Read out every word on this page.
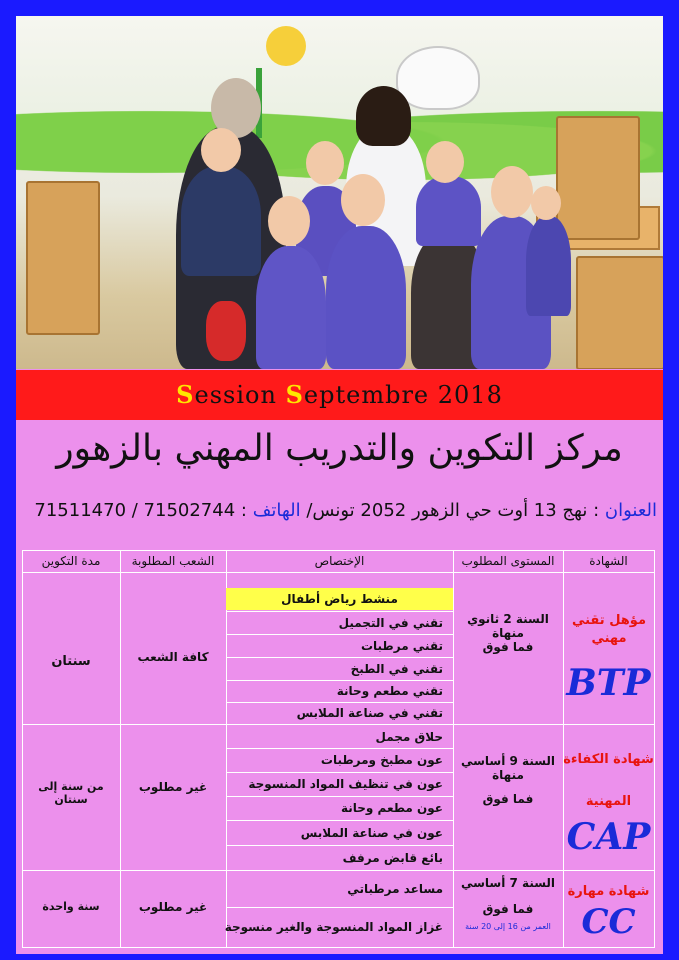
Session Septembre 2018
مركز التكوين والتدريب المهني بالزهور
العنوان : نهج 13 أوت حي الزهور 2052 تونس/ الهاتف : 71502744 / 71511470
الشهادة
المستوى المطلوب
الإختصاص
الشعب المطلوبة
مدة التكوين
مؤهل تقني مهني
BTP
السنة 2 ثانوي منهاة
فما فوق
منشط رياض أطفال
تقني في التجميل
تقني مرطبات
تقني في الطبخ
تقني مطعم وحانة
تقني في صناعة الملابس
كافة الشعب
سنتان
شهادة الكفاءة
المهنية
CAP
السنة 9 أساسي منهاة
فما فوق
حلاق مجمل
عون مطبخ ومرطبات
عون في تنظيف المواد المنسوجة
عون مطعم وحانة
عون في صناعة الملابس
بائع قابض مرفف
غير مطلوب
من سنة إلى سنتان
شهادة مهارة
CC
السنة 7 أساسي
فما فوق
العمر من 16 إلى 20 سنة
مساعد مرطباتي
غزاز المواد المنسوجة والغير منسوجة
غير مطلوب
سنة واحدة
